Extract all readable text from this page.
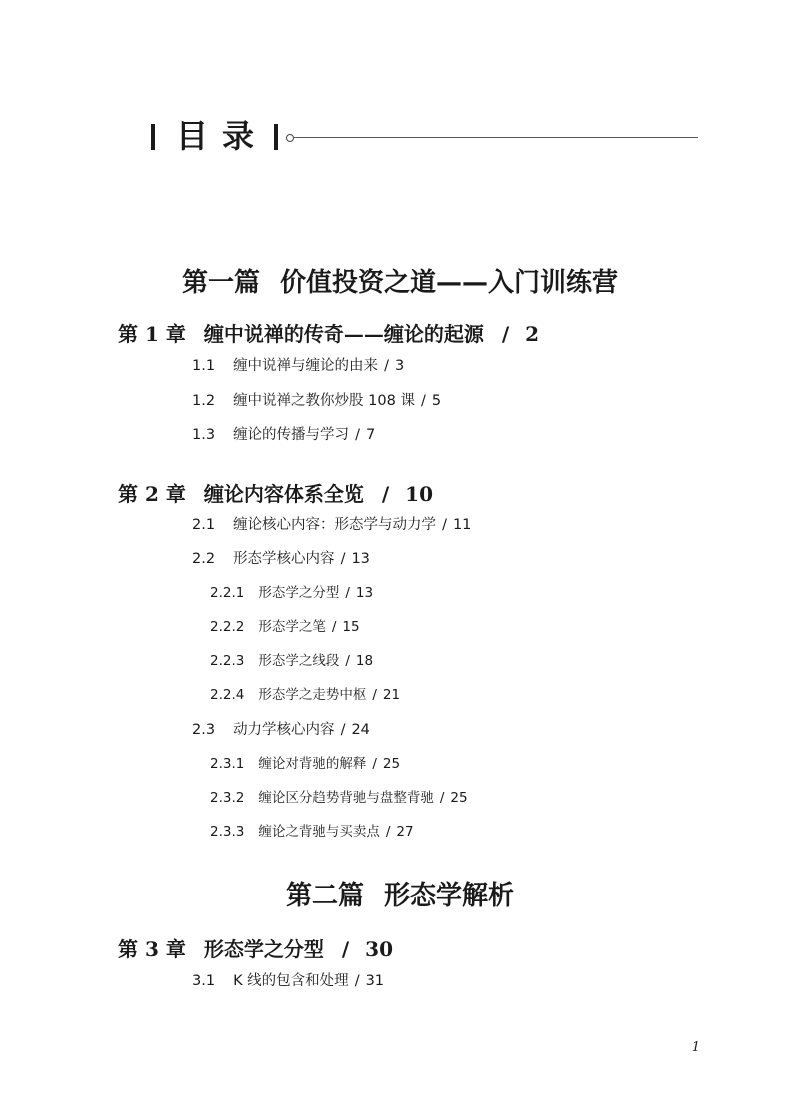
目录
第一篇 价值投资之道——入门训练营
第 1 章 缠中说禅的传奇——缠论的起源 / 2
1.1 缠中说禅与缠论的由来 / 3
1.2 缠中说禅之教你炒股 108 课 / 5
1.3 缠论的传播与学习 / 7
第 2 章 缠论内容体系全览 / 10
2.1 缠论核心内容：形态学与动力学 / 11
2.2 形态学核心内容 / 13
2.2.1 形态学之分型 / 13
2.2.2 形态学之笔 / 15
2.2.3 形态学之线段 / 18
2.2.4 形态学之走势中枢 / 21
2.3 动力学核心内容 / 24
2.3.1 缠论对背驰的解释 / 25
2.3.2 缠论区分趋势背驰与盘整背驰 / 25
2.3.3 缠论之背驰与买卖点 / 27
第二篇 形态学解析
第 3 章 形态学之分型 / 30
3.1 K 线的包含和处理 / 31
1
